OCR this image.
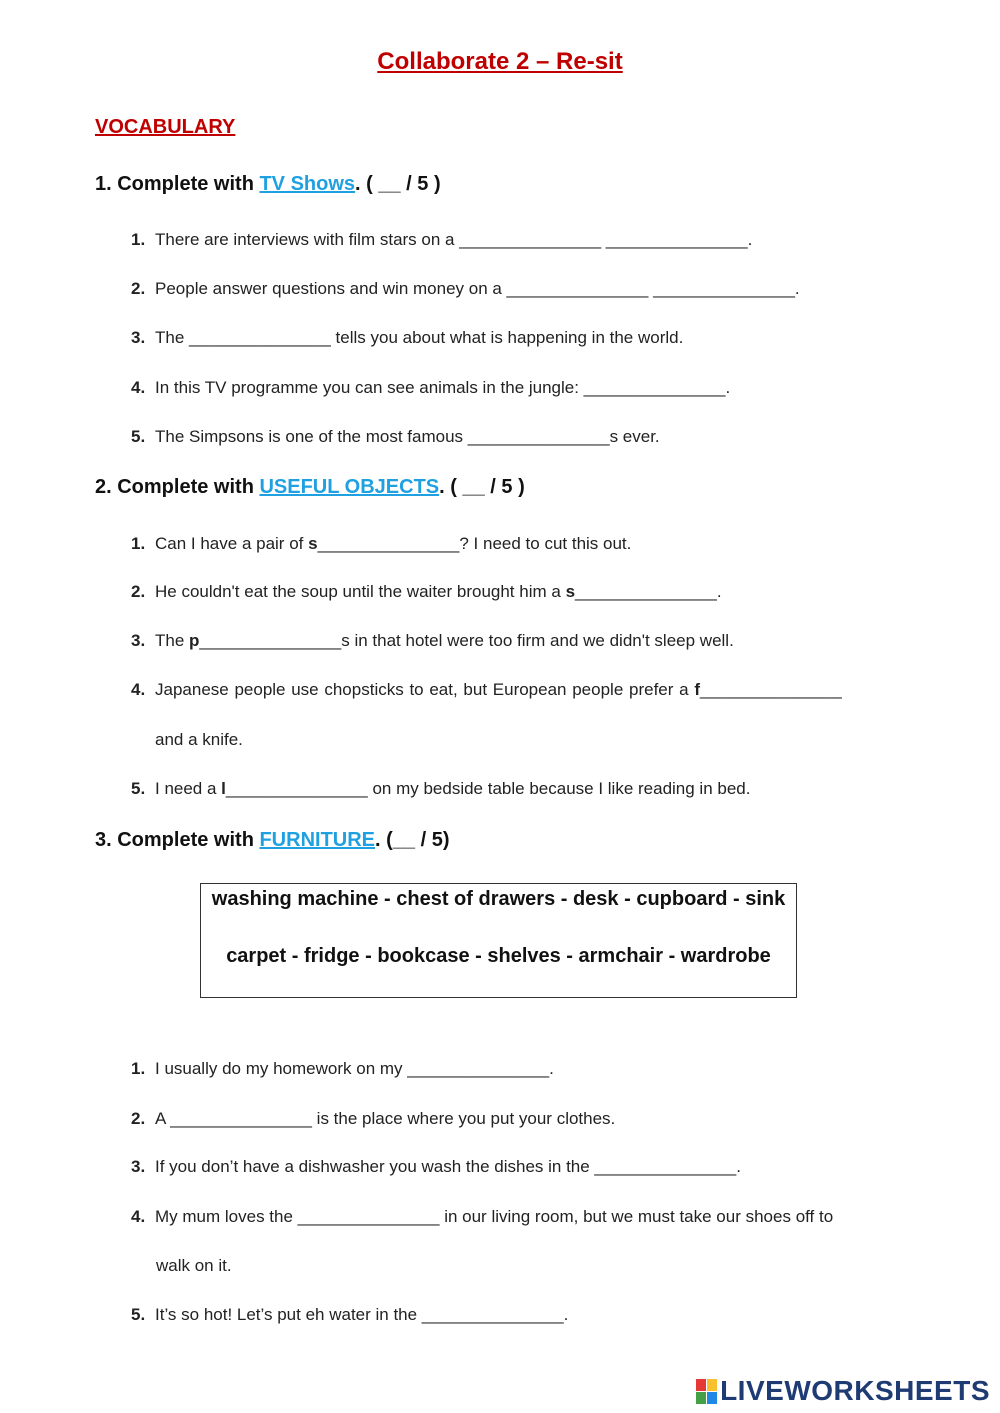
Collaborate 2 – Re-sit
VOCABULARY
1. Complete with TV Shows. ( __ / 5 )
1. There are interviews with film stars on a _______________ _______________.
2. People answer questions and win money on a _______________ _______________.
3. The _______________ tells you about what is happening in the world.
4. In this TV programme you can see animals in the jungle: _______________.
5. The Simpsons is one of the most famous _______________s ever.
2. Complete with USEFUL OBJECTS. ( __ / 5 )
1. Can I have a pair of s_______________? I need to cut this out.
2. He couldn't eat the soup until the waiter brought him a s_______________.
3. The p_______________s in that hotel were too firm and we didn't sleep well.
4. Japanese people use chopsticks to eat, but European people prefer a f_______________
and a knife.
5. I need a l_______________ on my bedside table because I like reading in bed.
3. Complete with FURNITURE. (__ / 5)
washing machine - chest of drawers - desk - cupboard - sink
carpet - fridge - bookcase - shelves - armchair - wardrobe
1. I usually do my homework on my _______________.
2. A _______________ is the place where you put your clothes.
3. If you don’t have a dishwasher you wash the dishes in the _______________.
4. My mum loves the _______________ in our living room, but we must take our shoes off to
walk on it.
5. It’s so hot! Let’s put eh water in the _______________.
LIVEWORKSHEETS
